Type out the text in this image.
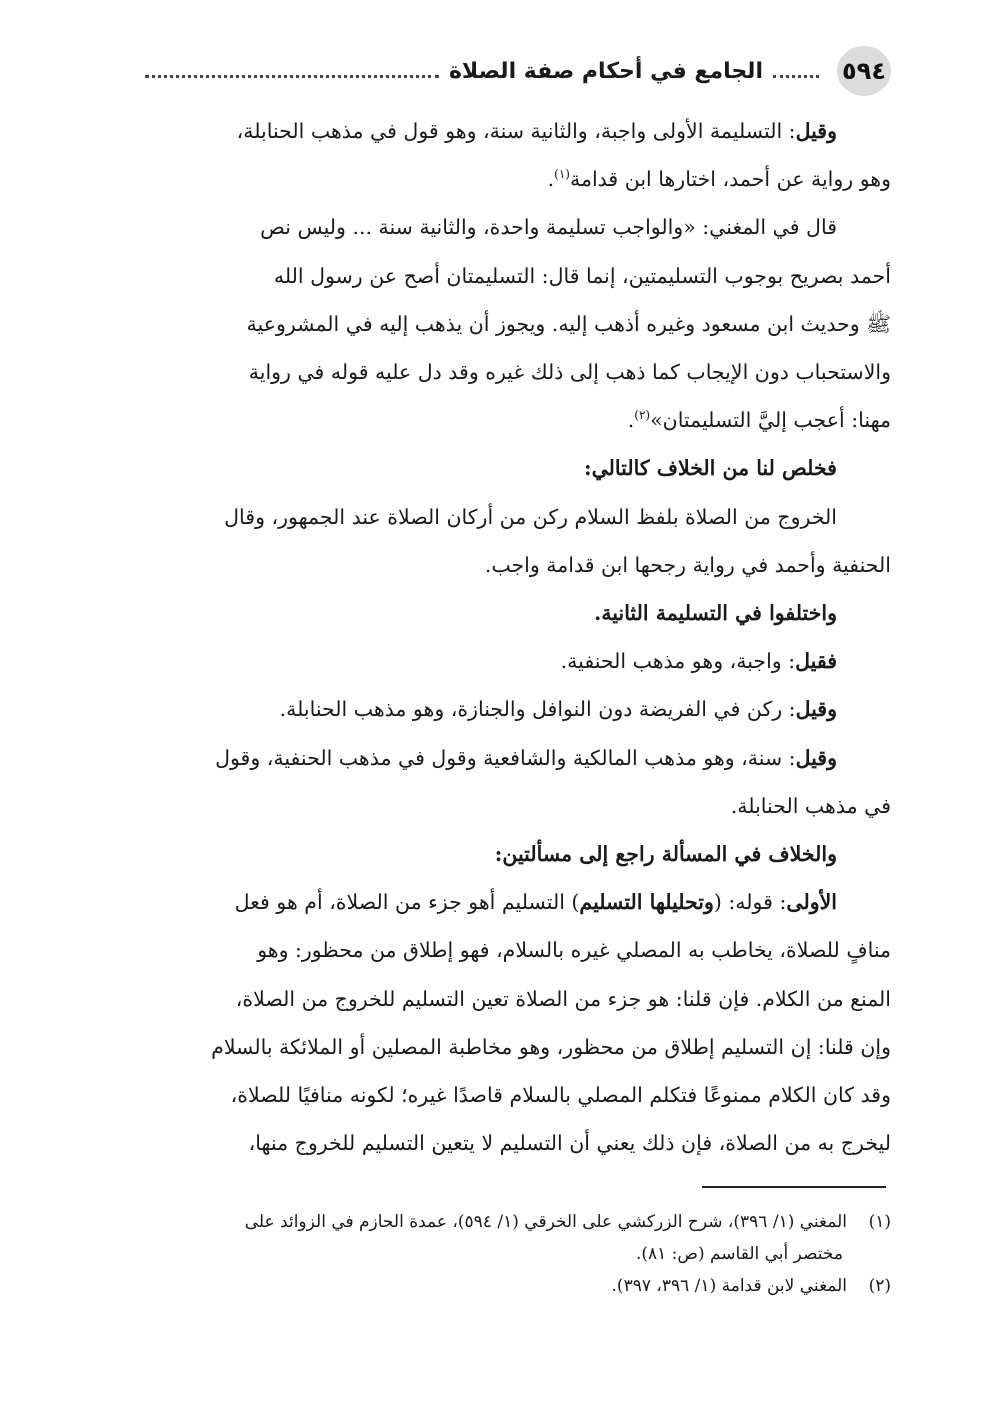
٥٩٤
الجامع في أحكام صفة الصلاة

وقيل: التسليمة الأولى واجبة، والثانية سنة، وهو قول في مذهب الحنابلة،

وهو رواية عن أحمد، اختارها ابن قدامة$^{(١)}$.

قال في المغني: «والواجب تسليمة واحدة، والثانية سنة ... وليس نص

أحمد بصريح بوجوب التسليمتين، إنما قال: التسليمتان أصح عن رسول الله

ﷺ وحديث ابن مسعود وغيره أذهب إليه. ويجوز أن يذهب إليه في المشروعية

والاستحباب دون الإيجاب كما ذهب إلى ذلك غيره وقد دل عليه قوله في رواية

مهنا: أعجب إليَّ التسليمتان»$^{(٢)}$.

فخلص لنا من الخلاف كالتالي:

الخروج من الصلاة بلفظ السلام ركن من أركان الصلاة عند الجمهور، وقال

الحنفية وأحمد في رواية رجحها ابن قدامة واجب.

واختلفوا في التسليمة الثانية.

فقيل: واجبة، وهو مذهب الحنفية.

وقيل: ركن في الفريضة دون النوافل والجنازة، وهو مذهب الحنابلة.

وقيل: سنة، وهو مذهب المالكية والشافعية وقول في مذهب الحنفية، وقول

في مذهب الحنابلة.

والخلاف في المسألة راجع إلى مسألتين:

الأولى: قوله: (وتحليلها التسليم) التسليم أهو جزء من الصلاة، أم هو فعل

منافٍ للصلاة، يخاطب به المصلي غيره بالسلام، فهو إطلاق من محظور: وهو

المنع من الكلام. فإن قلنا: هو جزء من الصلاة تعين التسليم للخروج من الصلاة،

وإن قلنا: إن التسليم إطلاق من محظور، وهو مخاطبة المصلين أو الملائكة بالسلام

وقد كان الكلام ممنوعًا فتكلم المصلي بالسلام قاصدًا غيره؛ لكونه منافيًا للصلاة،

ليخرج به من الصلاة، فإن ذلك يعني أن التسليم لا يتعين التسليم للخروج منها،

(١)المغني (١/ ٣٩٦)، شرح الزركشي على الخرقي (١/ ٥٩٤)، عمدة الحازم في الزوائد على

مختصر أبي القاسم (ص: ٨١).

(٢)المغني لابن قدامة (١/ ٣٩٦، ٣٩٧).
